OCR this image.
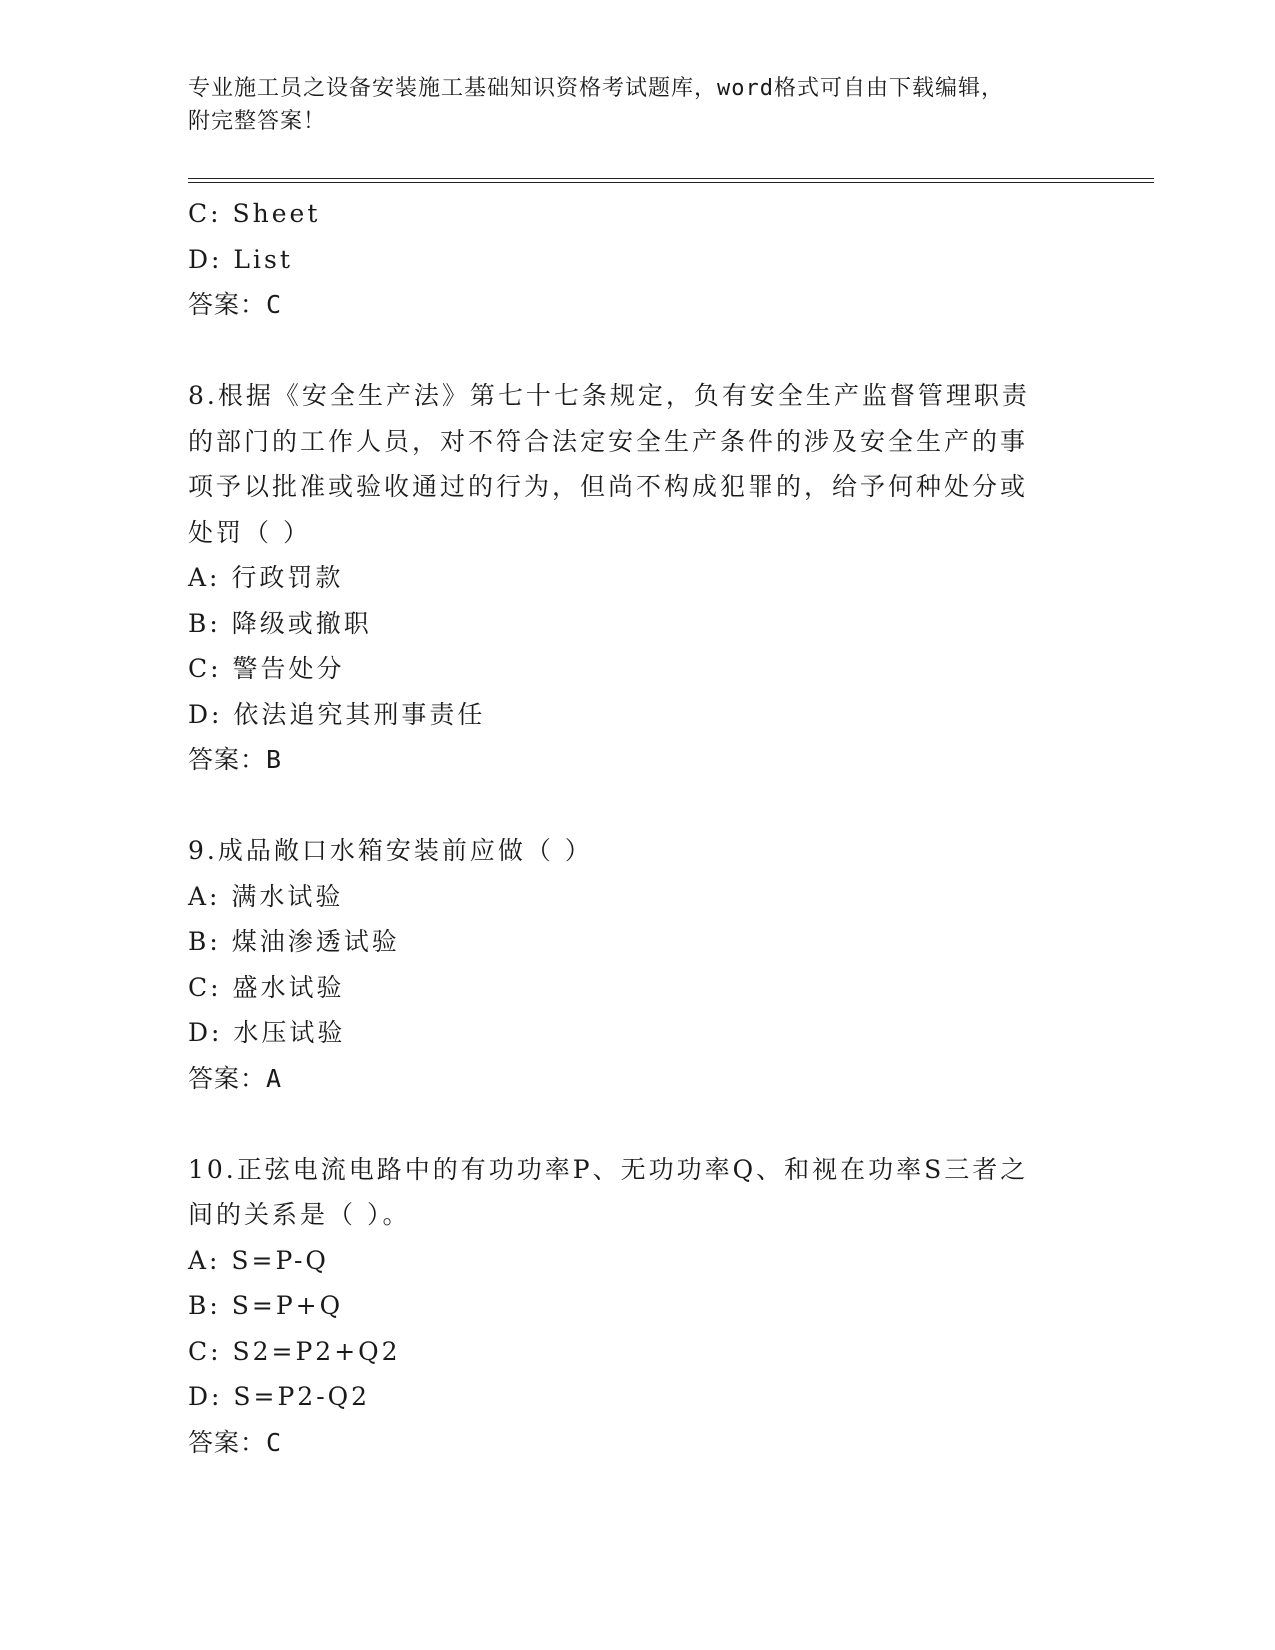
专业施工员之设备安装施工基础知识资格考试题库，word格式可自由下载编辑，
附完整答案！
C: Sheet
D: List
答案：C
8.根据《安全生产法》第七十七条规定，负有安全生产监督管理职责
的部门的工作人员，对不符合法定安全生产条件的涉及安全生产的事
项予以批准或验收通过的行为，但尚不构成犯罪的，给予何种处分或
处罚（ ）
A: 行政罚款
B: 降级或撤职
C: 警告处分
D: 依法追究其刑事责任
答案：B
9.成品敞口水箱安装前应做（ ）
A: 满水试验
B: 煤油渗透试验
C: 盛水试验
D: 水压试验
答案：A
10.正弦电流电路中的有功功率P、无功功率Q、和视在功率S三者之
间的关系是（ ）。
A: S=P-Q
B: S=P+Q
C: S2=P2+Q2
D: S=P2-Q2
答案：C
